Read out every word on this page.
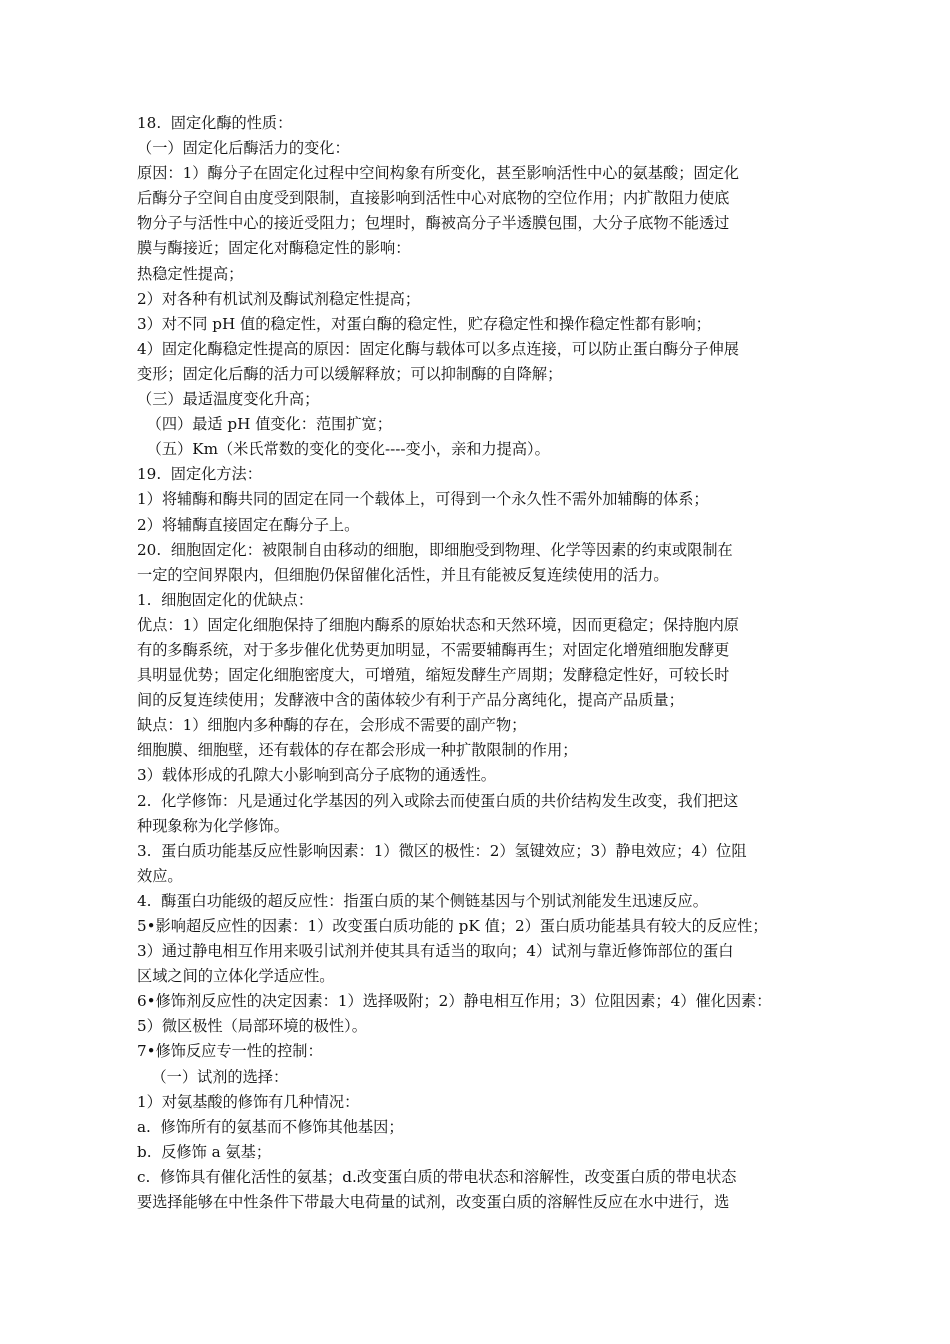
18.  固定化酶的性质：
（一）固定化后酶活力的变化：
原因：1）酶分子在固定化过程中空间构象有所变化，甚至影响活性中心的氨基酸；固定化
后酶分子空间自由度受到限制，直接影响到活性中心对底物的空位作用；内扩散阻力使底
物分子与活性中心的接近受阻力；包埋时，酶被高分子半透膜包围，大分子底物不能透过
膜与酶接近；固定化对酶稳定性的影响：
热稳定性提高；
2）对各种有机试剂及酶试剂稳定性提高；
3）对不同 pH 值的稳定性，对蛋白酶的稳定性，贮存稳定性和操作稳定性都有影响；
4）固定化酶稳定性提高的原因：固定化酶与载体可以多点连接，可以防止蛋白酶分子伸展
变形；固定化后酶的活力可以缓解释放；可以抑制酶的自降解；
（三）最适温度变化升高；
（四）最适 pH 值变化：范围扩宽；
（五）Km（米氏常数的变化的变化----变小，亲和力提高）。
19.  固定化方法：
1）将辅酶和酶共同的固定在同一个载体上，可得到一个永久性不需外加辅酶的体系；
2）将辅酶直接固定在酶分子上。
20.  细胞固定化：被限制自由移动的细胞，即细胞受到物理、化学等因素的约束或限制在
一定的空间界限内，但细胞仍保留催化活性，并且有能被反复连续使用的活力。
1.  细胞固定化的优缺点：
优点：1）固定化细胞保持了细胞内酶系的原始状态和天然环境，因而更稳定；保持胞内原
有的多酶系统，对于多步催化优势更加明显，不需要辅酶再生；对固定化增殖细胞发酵更
具明显优势；固定化细胞密度大，可增殖，缩短发酵生产周期；发酵稳定性好，可较长时
间的反复连续使用；发酵液中含的菌体较少有利于产品分离纯化，提高产品质量；
缺点：1）细胞内多种酶的存在，会形成不需要的副产物；
细胞膜、细胞壁，还有载体的存在都会形成一种扩散限制的作用；
3）载体形成的孔隙大小影响到高分子底物的通透性。
2.  化学修饰：凡是通过化学基因的列入或除去而使蛋白质的共价结构发生改变，我们把这
种现象称为化学修饰。
3.  蛋白质功能基反应性影响因素：1）微区的极性：2）氢键效应；3）静电效应；4）位阻
效应。
4.  酶蛋白功能级的超反应性：指蛋白质的某个侧链基因与个别试剂能发生迅速反应。
5•影响超反应性的因素：1）改变蛋白质功能的 pK 值；2）蛋白质功能基具有较大的反应性；
3）通过静电相互作用来吸引试剂并使其具有适当的取向；4）试剂与靠近修饰部位的蛋白
区域之间的立体化学适应性。
6•修饰剂反应性的决定因素：1）选择吸附；2）静电相互作用；3）位阻因素；4）催化因素：
5）微区极性（局部环境的极性）。
7•修饰反应专一性的控制：
（一）试剂的选择：
1）对氨基酸的修饰有几种情况：
a.  修饰所有的氨基而不修饰其他基因；
b.  反修饰 a 氨基；
c.  修饰具有催化活性的氨基；d.改变蛋白质的带电状态和溶解性，改变蛋白质的带电状态
要选择能够在中性条件下带最大电荷量的试剂，改变蛋白质的溶解性反应在水中进行，选
